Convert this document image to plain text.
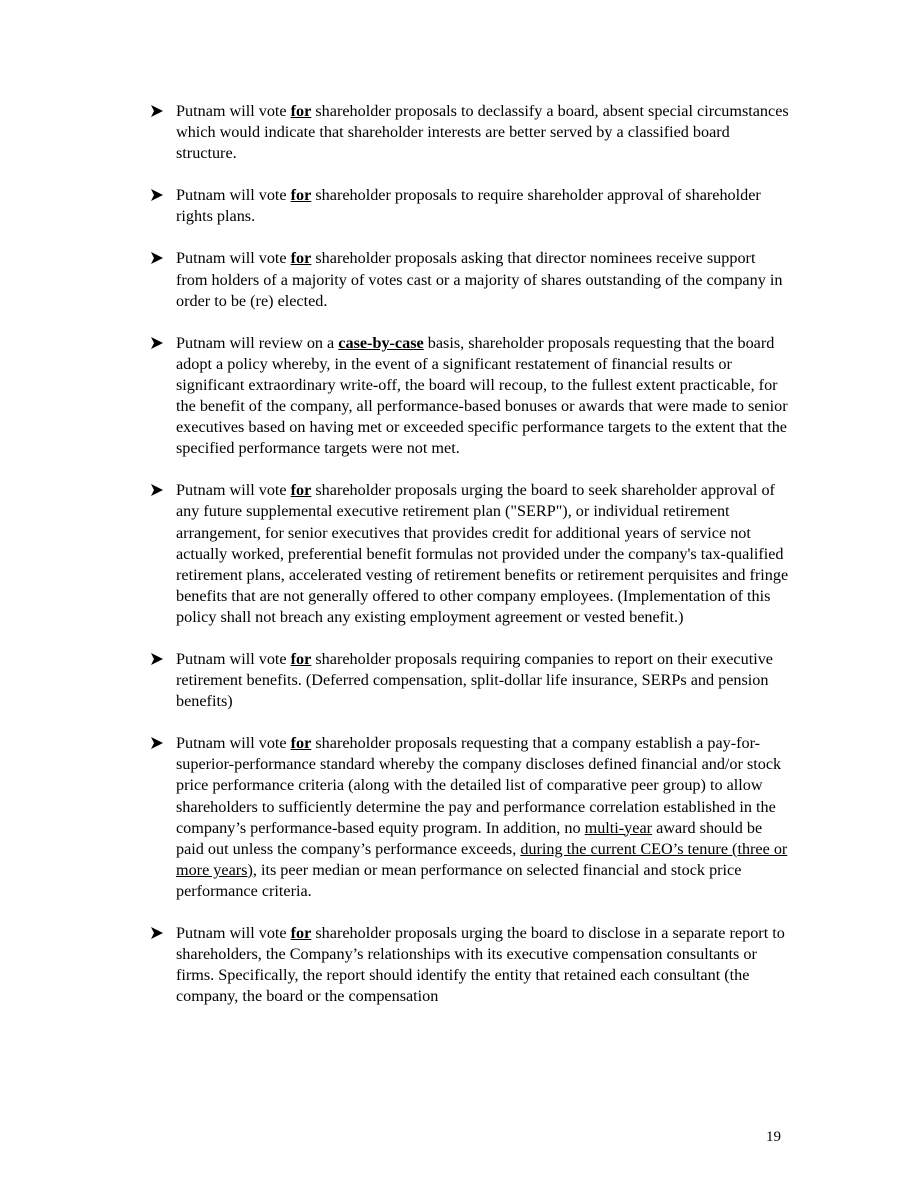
Putnam will vote for shareholder proposals to declassify a board, absent special circumstances which would indicate that shareholder interests are better served by a classified board structure.
Putnam will vote for shareholder proposals to require shareholder approval of shareholder rights plans.
Putnam will vote for shareholder proposals asking that director nominees receive support from holders of a majority of votes cast or a majority of shares outstanding of the company in order to be (re) elected.
Putnam will review on a case-by-case basis, shareholder proposals requesting that the board adopt a policy whereby, in the event of a significant restatement of financial results or significant extraordinary write-off, the board will recoup, to the fullest extent practicable, for the benefit of the company, all performance-based bonuses or awards that were made to senior executives based on having met or exceeded specific performance targets to the extent that the specified performance targets were not met.
Putnam will vote for shareholder proposals urging the board to seek shareholder approval of any future supplemental executive retirement plan ("SERP"), or individual retirement arrangement, for senior executives that provides credit for additional years of service not actually worked, preferential benefit formulas not provided under the company's tax-qualified retirement plans, accelerated vesting of retirement benefits or retirement perquisites and fringe benefits that are not generally offered to other company employees. (Implementation of this policy shall not breach any existing employment agreement or vested benefit.)
Putnam will vote for shareholder proposals requiring companies to report on their executive retirement benefits. (Deferred compensation, split-dollar life insurance, SERPs and pension benefits)
Putnam will vote for shareholder proposals requesting that a company establish a pay-for-superior-performance standard whereby the company discloses defined financial and/or stock price performance criteria (along with the detailed list of comparative peer group) to allow shareholders to sufficiently determine the pay and performance correlation established in the company’s performance-based equity program. In addition, no multi-year award should be paid out unless the company’s performance exceeds, during the current CEO’s tenure (three or more years), its peer median or mean performance on selected financial and stock price performance criteria.
Putnam will vote for shareholder proposals urging the board to disclose in a separate report to shareholders, the Company’s relationships with its executive compensation consultants or firms. Specifically, the report should identify the entity that retained each consultant (the company, the board or the compensation
19
